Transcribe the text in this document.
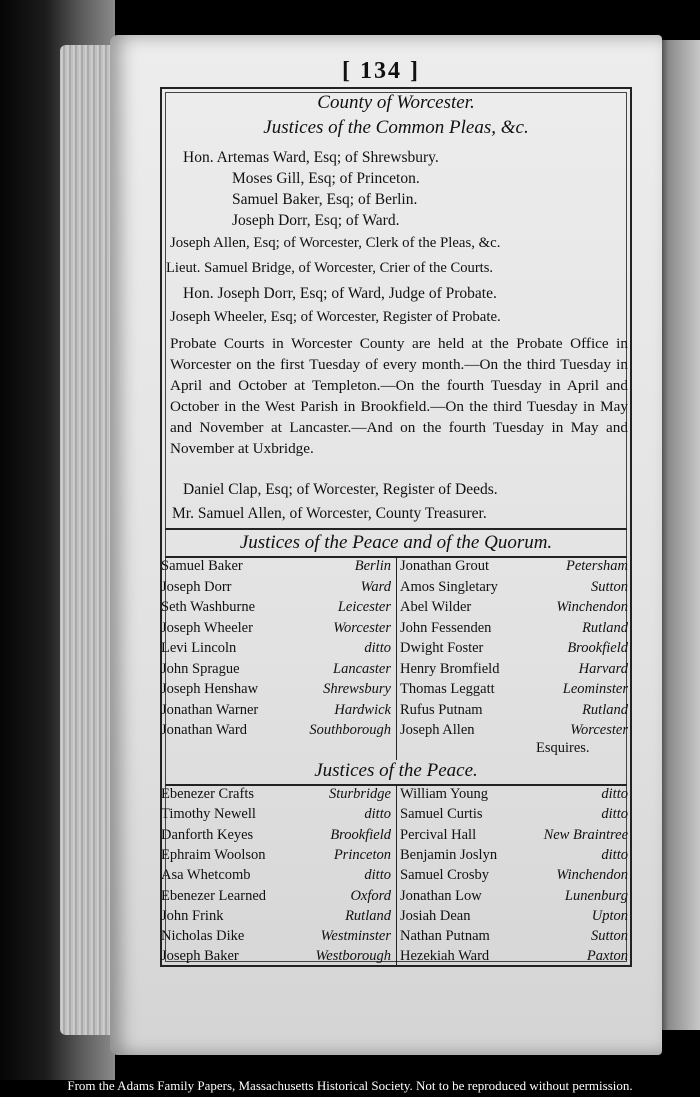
[ 134 ]
County of Worcester.
Justices of the Common Pleas, &c.
Hon. Artemas Ward, Esq; of Shrewsbury.
Moses Gill, Esq; of Princeton.
Samuel Baker, Esq; of Berlin.
Joseph Dorr, Esq; of Ward.
Joseph Allen, Esq; of Worcester, Clerk of the Pleas, &c.
Lieut. Samuel Bridge, of Worcester, Crier of the Courts.
Hon. Joseph Dorr, Esq; of Ward, Judge of Probate.
Joseph Wheeler, Esq; of Worcester, Register of Probate.
Probate Courts in Worcester County are held at the Probate Office in Worcester on the first Tuesday of every month.—On the third Tuesday in April and October at Templeton.—On the fourth Tuesday in April and October in the West Parish in Brookfield.—On the third Tuesday in May and November at Lancaster.—And on the fourth Tuesday in May and November at Uxbridge.
Daniel Clap, Esq; of Worcester, Register of Deeds.
Mr. Samuel Allen, of Worcester, County Treasurer.
Justices of the Peace and of the Quorum.
Samuel Baker	Berlin
Joseph Dorr	Ward
Seth Washburne	Leicester
Joseph Wheeler	Worcester
Levi Lincoln	ditto
John Sprague	Lancaster
Joseph Henshaw	Shrewsbury
Jonathan Warner	Hardwick
Jonathan Ward	Southborough
Jonathan Grout	Petersham
Amos Singletary	Sutton
Abel Wilder	Winchendon
John Fessenden	Rutland
Dwight Foster	Brookfield
Henry Bromfield	Harvard
Thomas Leggatt	Leominster
Rufus Putnam	Rutland
Joseph Allen	Worcester
Esquires.
Justices of the Peace.
Ebenezer Crafts	Sturbridge
Timothy Newell	ditto
Danforth Keyes	Brookfield
Ephraim Woolson	Princeton
Asa Whetcomb	ditto
Ebenezer Learned	Oxford
John Frink	Rutland
Nicholas Dike	Westminster
Joseph Baker	Westborough
William Young	ditto
Samuel Curtis	ditto
Percival Hall	New Braintree
Benjamin Joslyn	ditto
Samuel Crosby	Winchendon
Jonathan Low	Lunenburg
Josiah Dean	Upton
Nathan Putnam	Sutton
Hezekiah Ward	Paxton
From the Adams Family Papers, Massachusetts Historical Society. Not to be reproduced without permission.
